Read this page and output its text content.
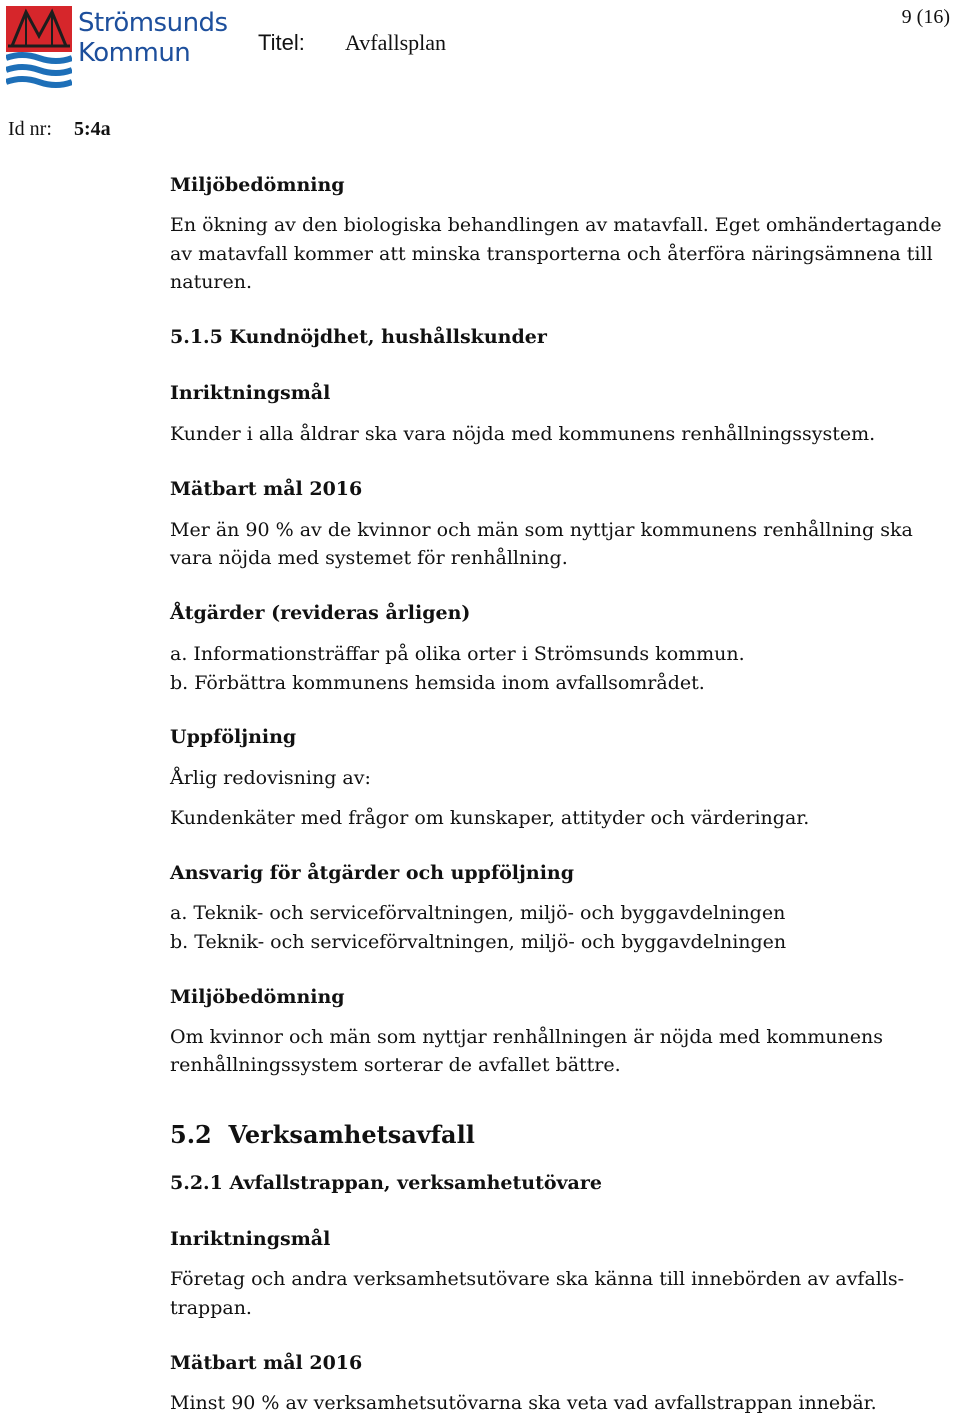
Strömsunds
Kommun	Titel: Avfallsplan
9 (16)
Id nr: 5:4a
Miljöbedömning
En ökning av den biologiska behandlingen av matavfall. Eget omhändertagande
av matavfall kommer att minska transporterna och återföra näringsämnena till
naturen.
5.1.5 Kundnöjdhet, hushållskunder
Inriktningsmål
Kunder i alla åldrar ska vara nöjda med kommunens renhållningssystem.
Mätbart mål 2016
Mer än 90 % av de kvinnor och män som nyttjar kommunens renhållning ska
vara nöjda med systemet för renhållning.
Åtgärder (revideras årligen)
a. Informationsträffar på olika orter i Strömsunds kommun.
b. Förbättra kommunens hemsida inom avfallsområdet.
Uppföljning
Årlig redovisning av:
Kundenkäter med frågor om kunskaper, attityder och värderingar.
Ansvarig för åtgärder och uppföljning
a. Teknik- och serviceförvaltningen, miljö- och byggavdelningen
b. Teknik- och serviceförvaltningen, miljö- och byggavdelningen
Miljöbedömning
Om kvinnor och män som nyttjar renhållningen är nöjda med kommunens
renhållningssystem sorterar de avfallet bättre.
5.2  Verksamhetsavfall
5.2.1 Avfallstrappan, verksamhetutövare
Inriktningsmål
Företag och andra verksamhetsutövare ska känna till innebörden av avfalls-
trappan.
Mätbart mål 2016
Minst 90 % av verksamhetsutövarna ska veta vad avfallstrappan innebär.
